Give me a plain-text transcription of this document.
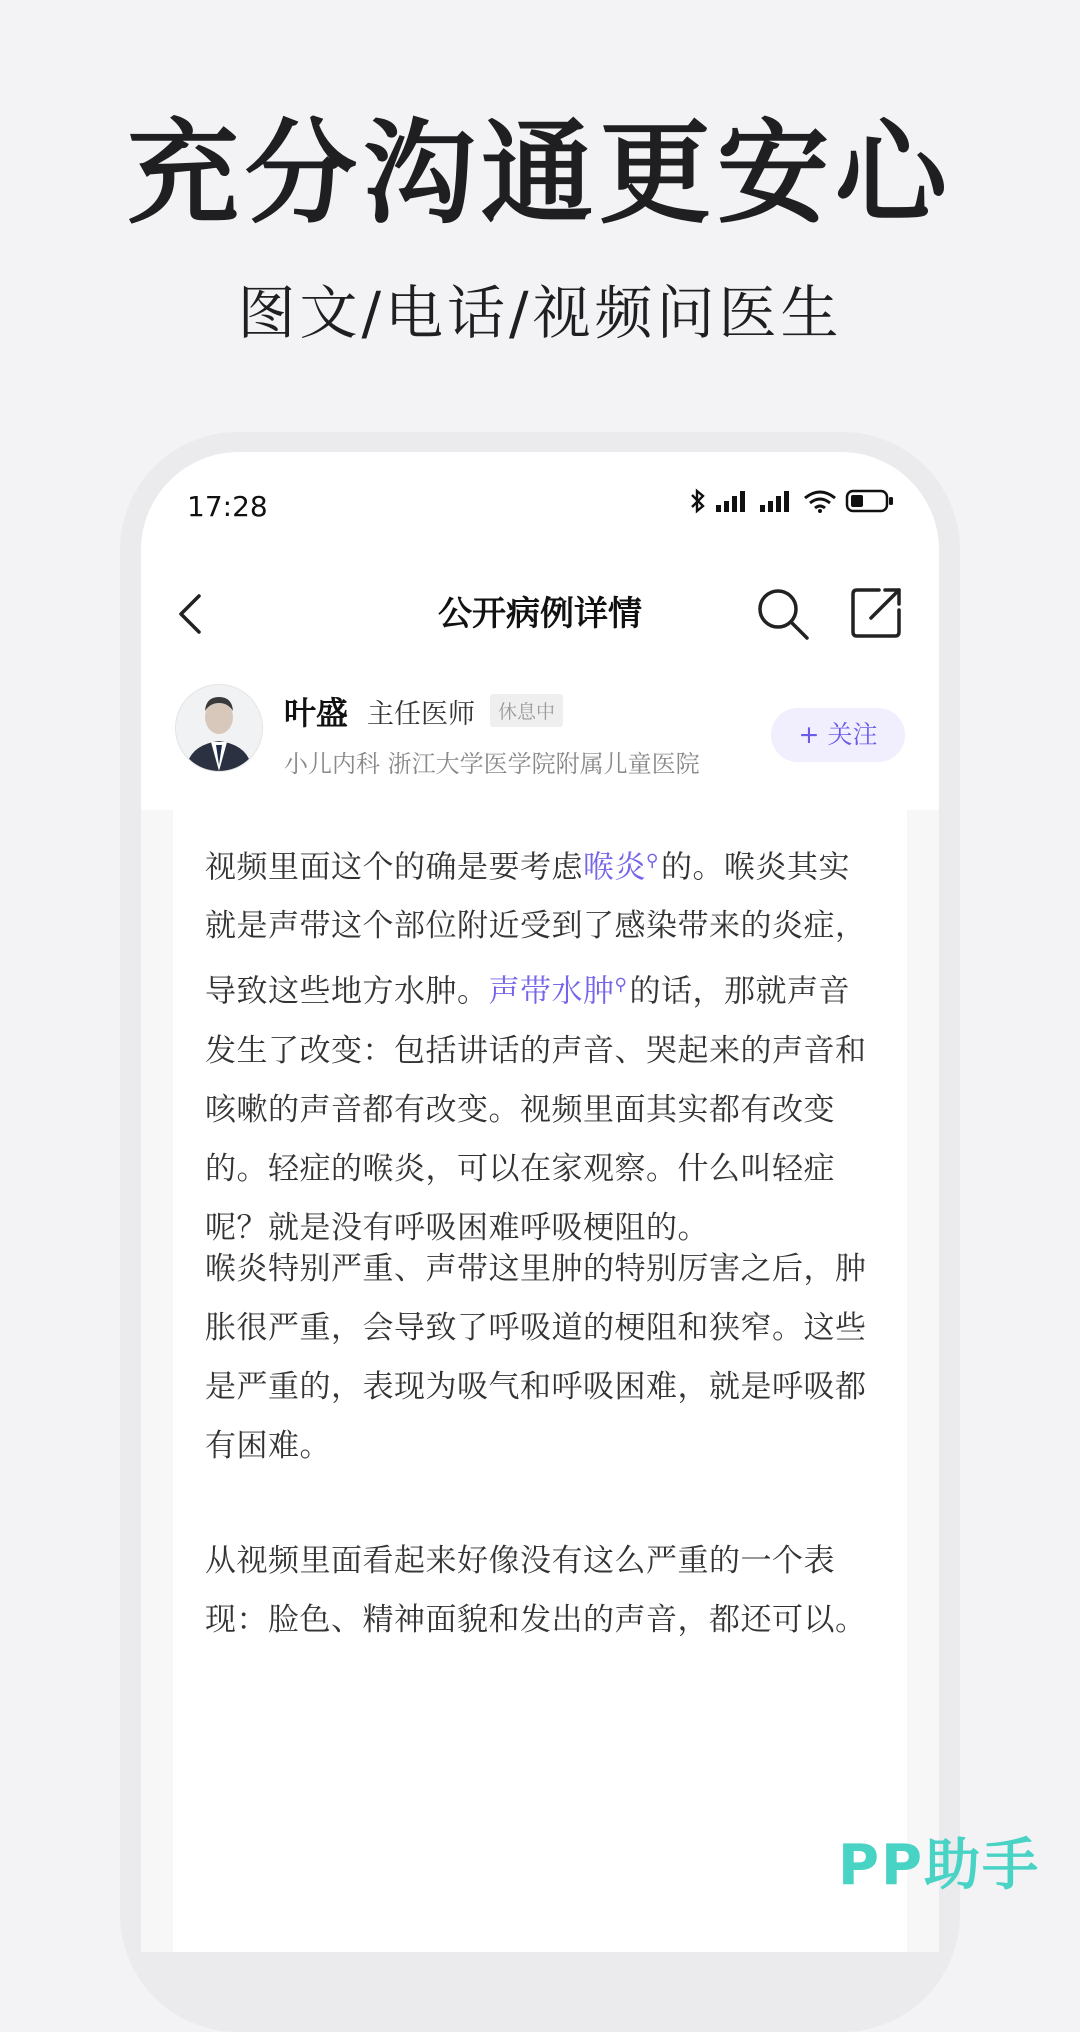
充分沟通更安心
图文/电话/视频问医生
17:28
公开病例详情
叶盛 主任医师	休息中
小儿内科 浙江大学医学院附属儿童医院
+ 关注
视频里面这个的确是要考虑喉炎⚲的。喉炎其实就是声带这个部位附近受到了感染带来的炎症，导致这些地方水肿。声带水肿⚲的话，那就声音发生了改变：包括讲话的声音、哭起来的声音和咳嗽的声音都有改变。视频里面其实都有改变的。轻症的喉炎，可以在家观察。什么叫轻症呢？就是没有呼吸困难呼吸梗阻的。
喉炎特别严重、声带这里肿的特别厉害之后，肿胀很严重，会导致了呼吸道的梗阻和狭窄。这些是严重的，表现为吸气和呼吸困难，就是呼吸都有困难。
从视频里面看起来好像没有这么严重的一个表现：脸色、精神面貌和发出的声音，都还可以。
PP助手
